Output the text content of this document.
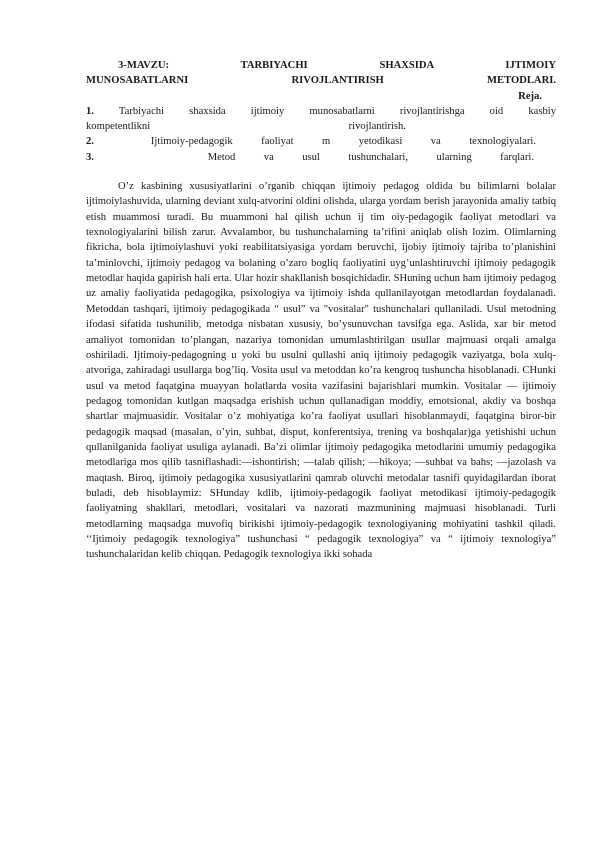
3-MAVZU: TARBIYACHI SHAXSIDA IJTIMOIY
MUNOSABATLARNI RIVOJLANTIRISH METODLARI.
Reja.
1. Tarbiyachi shaxsida ijtimoiy munosabatlarni rivojlantirishga oid kasbiy
kompetentlikni rivojlantirish.
2.	Ijtimoiy-pedagogik faoliyat m yetodikasi va texnologiyalari.
3.	Metod va usul tushunchalari, ularning farqlari.

O’z kasbining xususiyatlarini o’rganib chiqqan ijtimoiy pedagog oldida bu bilimlarni bolalar ijtimoiylashuvida, ularning deviant xulq-atvorini oldini olishda, ularga yordam berish jarayonida amaliy tatbiq etish muammosi turadi. Bu muammoni hal qilish uchun ij tim oiy-pedagogik faoliyat metodlari va texnologiyalarini bilish zarur. Avvalambor, bu tushunchalarning ta’rifini aniqlab olish lozim. Olimlarning fikricha, bola ijtimoiylashuvi yoki reabilitatsiyasiga yordam beruvchi, ijobiy ijtimoiy tajriba to’planishini ta’minlovchi, ijtimoiy pedagog va bolaning o’zaro bogliq faoliyatini uyg’unlashtiruvchi ijtimoiy pedagogik metodlar haqida gapirish hali erta. Ular hozir shakllanish bosqichidadir. SHuning uchun ham ijtimoiy pedagog uz amaliy faoliyatida pedagogika, psixologiya va ijtimoiy ishda qullanilayotgan metodlardan foydalanadi. Metoddan tashqari, ijtimoiy pedagogikada “ usul” va "vositalar" tushunchalari qullaniladi. Usul metodning ifodasi sifatida tushunilib, metodga nisbatan xususiy, bo’ysunuvchan tavsifga ega. Aslida, xar bir metod amaliyot tomonidan to’plangan, nazariya tomonidan umumlashtirilgan usullar majmuasi orqali amalga oshiriladi. Ijtimoiy-pedagogning u yoki bu usulni qullashi aniq ijtimoiy pedagogik vaziyatga, bola xulq-atvoriga, zahiradagi usullarga bog’liq. Vosita usul va metoddan ko’ra kengroq tushuncha hisoblanadi. CHunki usul va metod faqatgina muayyan holatlarda vosita vazifasini bajarishlari mumkin. Vositalar — ijtimoiy pedagog tomonidan kutlgan maqsadga erishish uchun qullanadigan moddiy, emotsional, akdiy va boshqa shartlar majmuasidir. Vositalar o’z mohiyatiga ko’ra faoliyat usullari hisoblanmaydi, faqatgina biror-bir pedagogik maqsad (masalan, o’yin, suhbat, disput, konferentsiya, trening va boshqalar)ga yetishishi uchun qullanilganida faoliyat usuliga aylanadi. Ba’zi olimlar ijtimoiy pedagogika metodlarini umumiy pedagogika metodlariga mos qilib tasniflashadi:—ishontirish; —talab qilish; —hikoya; —suhbat va bahs; —jazolash va maqtash. Biroq, ijtimoiy pedagogika xususiyatlarini qamrab oluvchi metodalar tasnifi quyidagilardan iborat buladi, deb hisoblaymiz: SHunday kdlib, ijtimoiy-pedagogik faoliyat metodikasi ijtimoiy-pedagogik faoliyatning shakllari, metodlari, vositalari va nazorati mazmunining majmuasi hisoblanadi. Turli metodlarning maqsadga muvofiq birikishi ijtimoiy-pedagogik texnologiyaning mohiyatini tashkil qiladi. ‘‘Ijtimoiy pedagogik texnologiya” tushunchasi “ pedagogik texnologiya” va “ ijtimoiy texnologiya” tushunchalaridan kelib chiqqan. Pedagogik texnologiya ikki sohada
